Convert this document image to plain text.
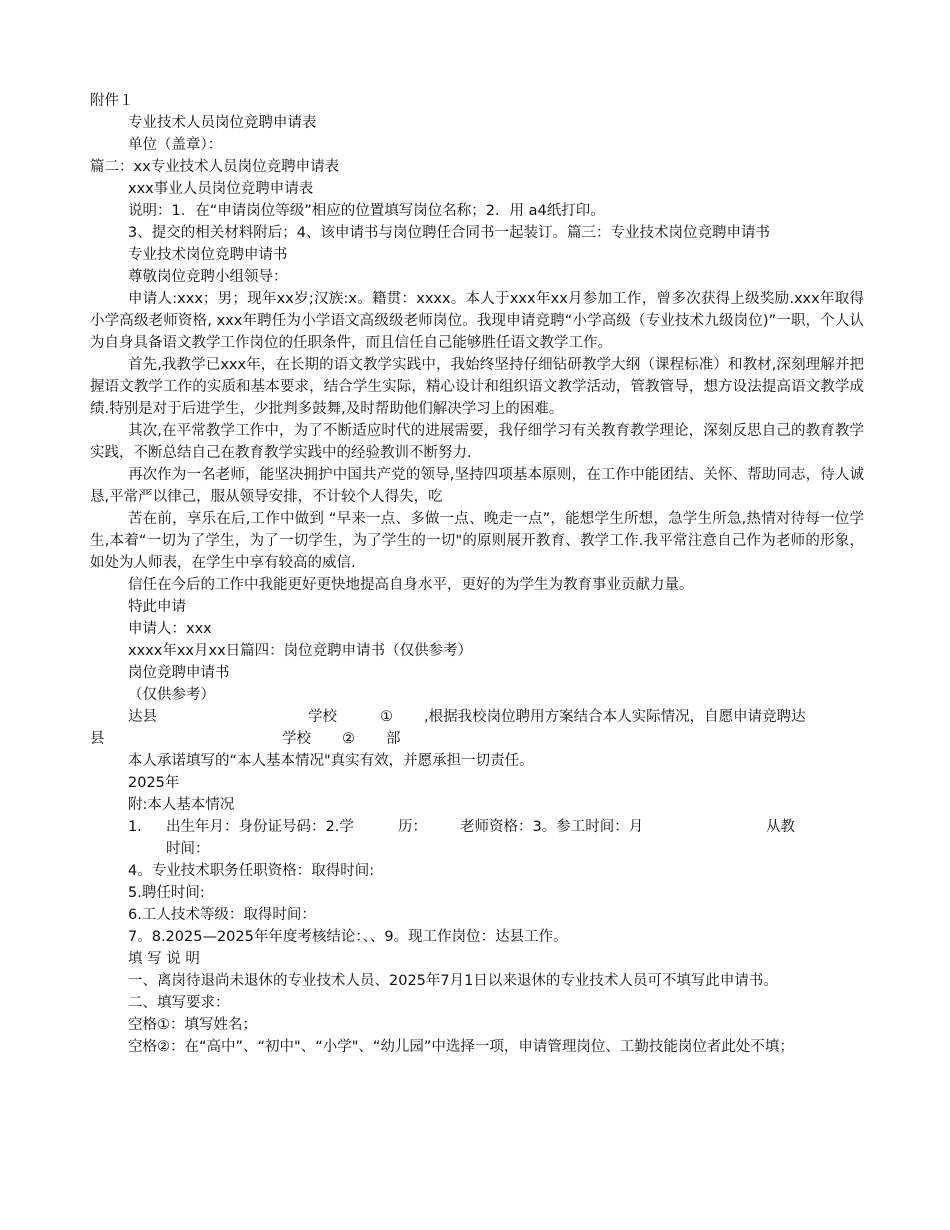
附件１

专业技术人员岗位竞聘申请表

单位（盖章）：

篇二：xx专业技术人员岗位竞聘申请表

xxx事业人员岗位竞聘申请表

说明：1．在“申请岗位等级”相应的位置填写岗位名称；2．用 a4纸打印。

3、提交的相关材料附后；4、该申请书与岗位聘任合同书一起装订。篇三：专业技术岗位竞聘申请书

专业技术岗位竞聘申请书

尊敬岗位竞聘小组领导：

申请人:xxx；男；现年xx岁;汉族:x。籍贯：xxxx。本人于xxx年xx月参加工作，曾多次获得上级奖励.xxx年取得小学高级老师资格, xxx年聘任为小学语文高级级老师岗位。我现申请竞聘“小学高级（专业技术九级岗位)”一职，个人认为自身具备语文教学工作岗位的任职条件，而且信任自己能够胜任语文教学工作。

首先,我教学已xxx年，在长期的语文教学实践中，我始终坚持仔细钻研教学大纲（课程标准）和教材,深刻理解并把握语文教学工作的实质和基本要求，结合学生实际，精心设计和组织语文教学活动，管教管导，想方设法提高语文教学成绩.特别是对于后进学生，少批判多鼓舞,及时帮助他们解决学习上的困难。

其次,在平常教学工作中，为了不断适应时代的进展需要，我仔细学习有关教育教学理论，深刻反思自己的教育教学实践，不断总结自己在教育教学实践中的经验教训不断努力.

再次作为一名老师，能坚决拥护中国共产党的领导,坚持四项基本原则，在工作中能团结、关怀、帮助同志，待人诚恳,平常严以律己，服从领导安排，不计较个人得失，吃

苦在前，享乐在后,工作中做到 “早来一点、多做一点、晚走一点”，能想学生所想，急学生所急,热情对待每一位学生,本着“一切为了学生，为了一切学生，为了学生的一切"的原则展开教育、教学工作.我平常注意自己作为老师的形象，如处为人师表，在学生中享有较高的威信.

信任在今后的工作中我能更好更快地提高自身水平，更好的为学生为教育事业贡献力量。

特此申请

申请人：xxx

xxxx年xx月xx日篇四：岗位竞聘申请书（仅供参考）

岗位竞聘申请书

（仅供参考）

达县	学校	①	,根据我校岗位聘用方案结合本人实际情况，自愿申请竞聘达
县	学校	②	部

本人承诺填写的“本人基本情况"真实有效，并愿承担一切责任。

2025年

附:本人基本情况

1． 出生年月：身份证号码：2.学	历：	老师资格：3。参工时间：月	从教

时间：

4。专业技术职务任职资格：取得时间:

5.聘任时间:

6.工人技术等级：取得时间：

7。8.2025—2025年年度考核结论：、、9。现工作岗位：达县工作。

填 写 说 明

一、离岗待退尚未退休的专业技术人员、2025年7月1日以来退休的专业技术人员可不填写此申请书。

二、填写要求：

空格①：填写姓名；

空格②：在“高中”、“初中"、“小学"、“幼儿园”中选择一项，申请管理岗位、工勤技能岗位者此处不填；
